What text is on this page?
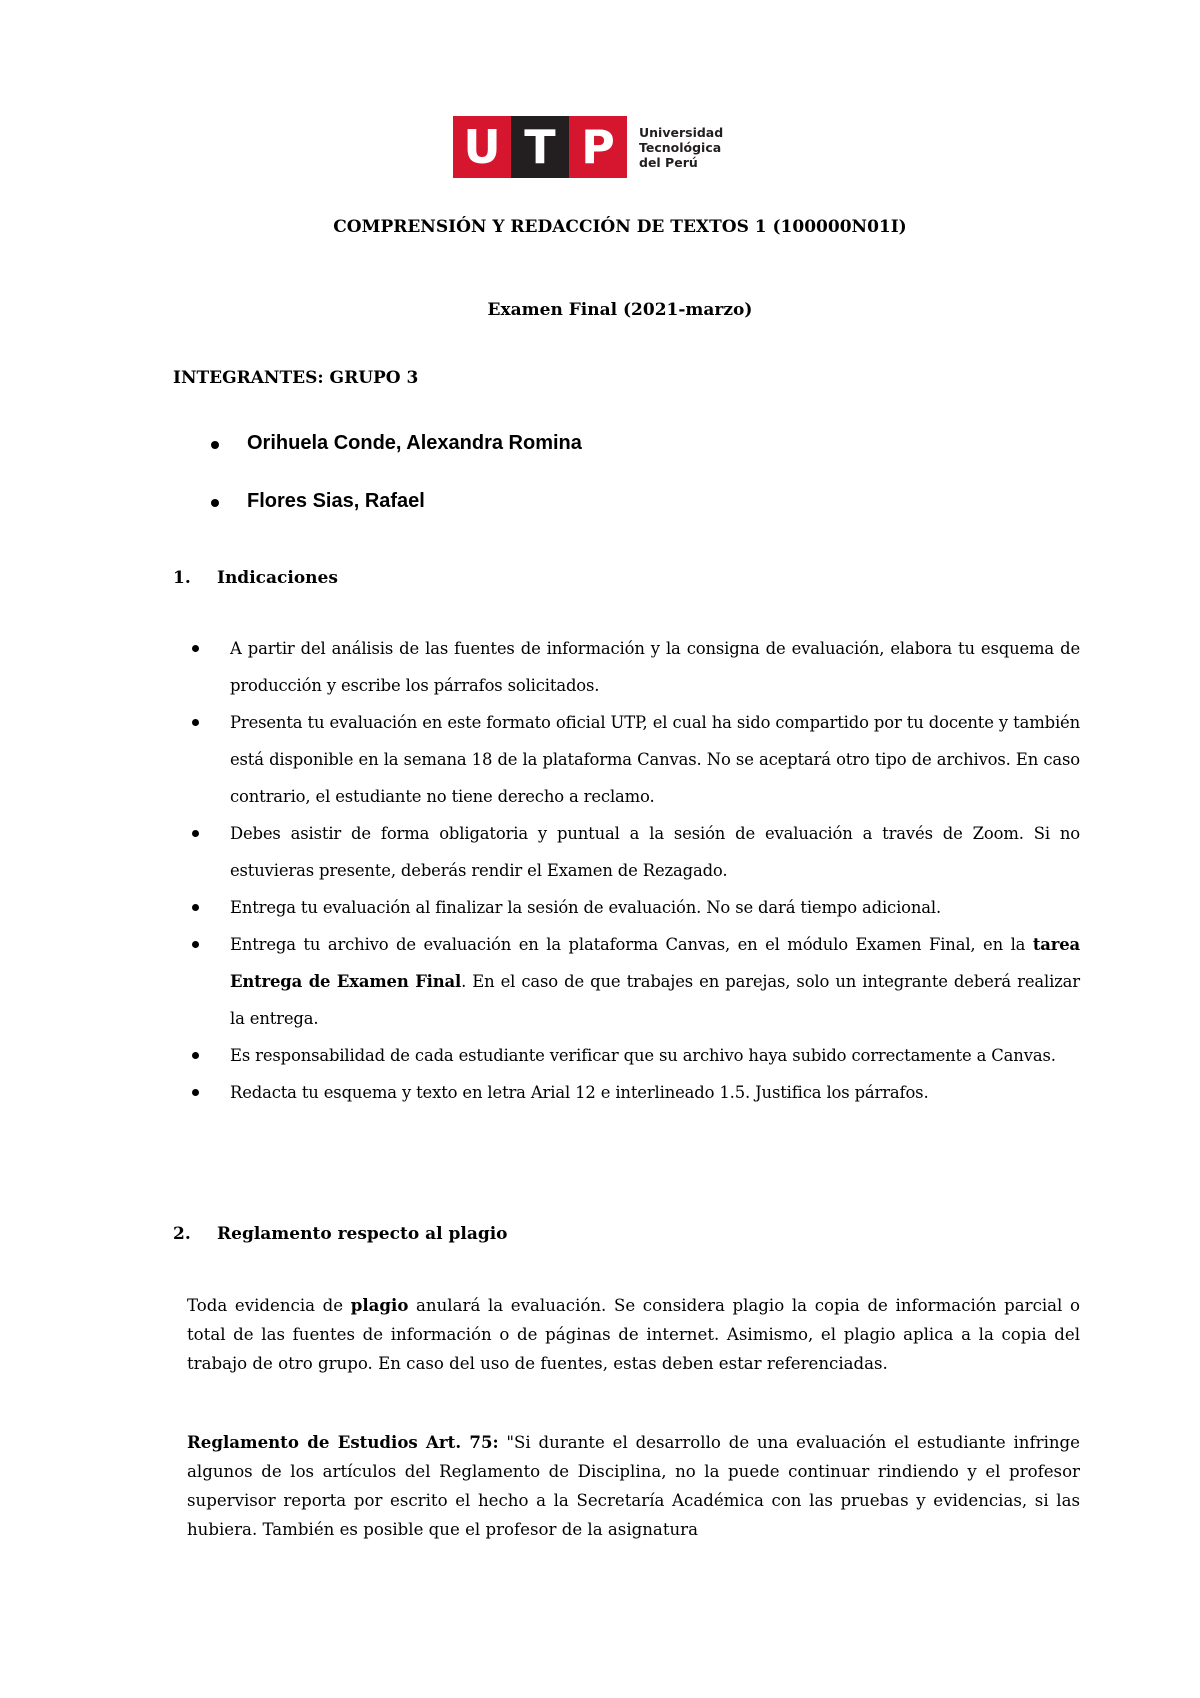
U T P	Universidad
Tecnológica
del Perú
COMPRENSIÓN Y REDACCIÓN DE TEXTOS 1 (100000N01I)
Examen Final (2021-marzo)
INTEGRANTES: GRUPO 3
Orihuela Conde, Alexandra Romina
Flores Sias, Rafael
1. Indicaciones
A partir del análisis de las fuentes de información y la consigna de evaluación, elabora tu esquema de producción y escribe los párrafos solicitados.
Presenta tu evaluación en este formato oficial UTP, el cual ha sido compartido por tu docente y también está disponible en la semana 18 de la plataforma Canvas. No se aceptará otro tipo de archivos. En caso contrario, el estudiante no tiene derecho a reclamo.
Debes asistir de forma obligatoria y puntual a la sesión de evaluación a través de Zoom. Si no estuvieras presente, deberás rendir el Examen de Rezagado.
Entrega tu evaluación al finalizar la sesión de evaluación. No se dará tiempo adicional.
Entrega tu archivo de evaluación en la plataforma Canvas, en el módulo Examen Final, en la tarea Entrega de Examen Final. En el caso de que trabajes en parejas, solo un integrante deberá realizar la entrega.
Es responsabilidad de cada estudiante verificar que su archivo haya subido correctamente a Canvas.
Redacta tu esquema y texto en letra Arial 12 e interlineado 1.5. Justifica los párrafos.
2. Reglamento respecto al plagio

Toda evidencia de plagio anulará la evaluación. Se considera plagio la copia de información parcial o total de las fuentes de información o de páginas de internet. Asimismo, el plagio aplica a la copia del trabajo de otro grupo. En caso del uso de fuentes, estas deben estar referenciadas.

Reglamento de Estudios Art. 75: "Si durante el desarrollo de una evaluación el estudiante infringe algunos de los artículos del Reglamento de Disciplina, no la puede continuar rindiendo y el profesor supervisor reporta por escrito el hecho a la Secretaría Académica con las pruebas y evidencias, si las hubiera. También es posible que el profesor de la asignatura
